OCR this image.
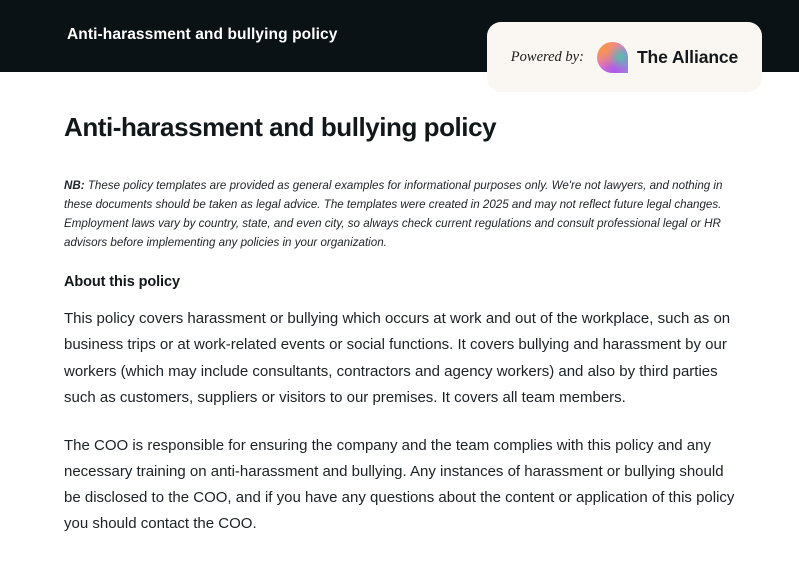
Anti-harassment and bullying policy
Powered by:	The Alliance
Anti-harassment and bullying policy

NB: These policy templates are provided as general examples for informational purposes only. We're not lawyers, and nothing in these documents should be taken as legal advice. The templates were created in 2025 and may not reflect future legal changes. Employment laws vary by country, state, and even city, so always check current regulations and consult professional legal or HR advisors before implementing any policies in your organization.

About this policy

This policy covers harassment or bullying which occurs at work and out of the workplace, such as on business trips or at work-related events or social functions. It covers bullying and harassment by our workers (which may include consultants, contractors and agency workers) and also by third parties such as customers, suppliers or visitors to our premises. It covers all team members.

The COO is responsible for ensuring the company and the team complies with this policy and any necessary training on anti-harassment and bullying. Any instances of harassment or bullying should be disclosed to the COO, and if you have any questions about the content or application of this policy you should contact the COO.
